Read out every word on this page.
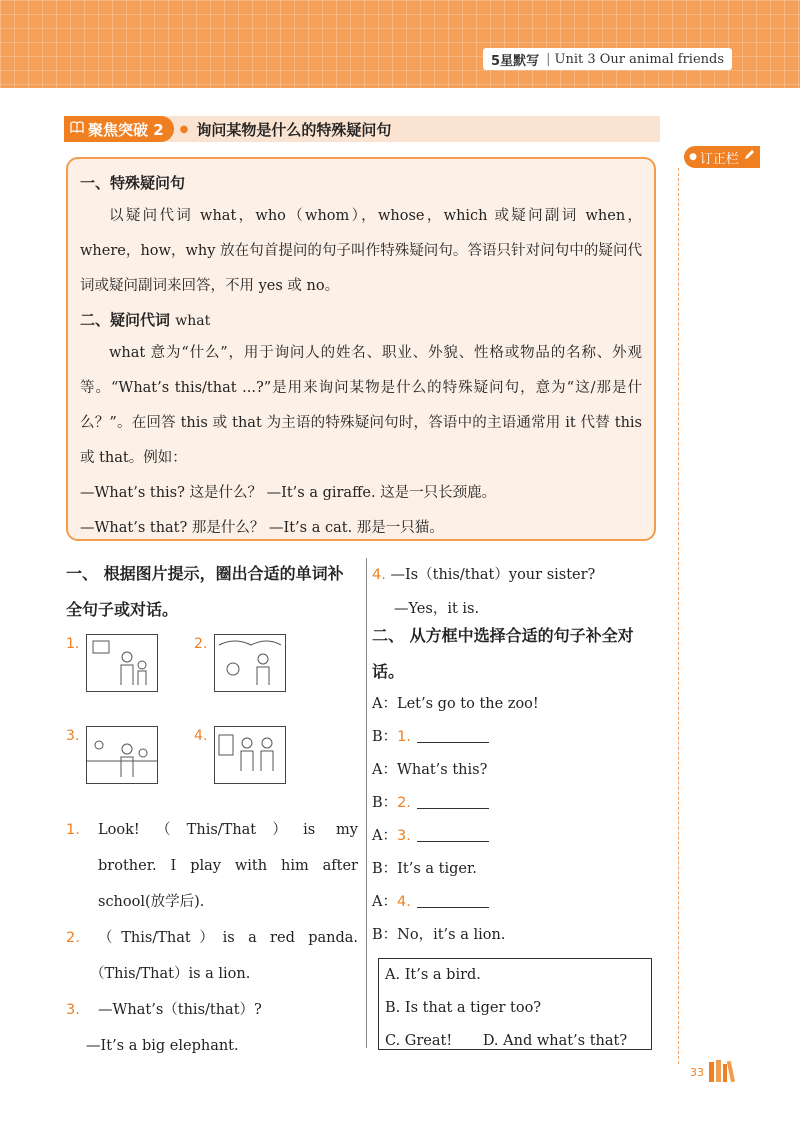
5星默写 | Unit 3 Our animal friends
聚焦突破 2 ● 询问某物是什么的特殊疑问句
● 订正栏
一、特殊疑问句

以疑问代词 what，who（whom），whose，which 或疑问副词 when，where，how，why 放在句首提问的句子叫作特殊疑问句。答语只针对问句中的疑问代词或疑问副词来回答，不用 yes 或 no。

二、疑问代词 what

what 意为“什么”，用于询问人的姓名、职业、外貌、性格或物品的名称、外观等。“What’s this/that ...?”是用来询问某物是什么的特殊疑问句，意为“这/那是什么？”。在回答 this 或 that 为主语的特殊疑问句时，答语中的主语通常用 it 代替 this 或 that。例如：

—What’s this? 这是什么？ —It’s a giraffe. 这是一只长颈鹿。
—What’s that? 那是什么？ —It’s a cat. 那是一只猫。
一、 根据图片提示，圈出合适的单词补全句子或对话。
1.	2.
3.	4.
1.	Look!（This/That）is my
brother. I play with him after
school(放学后).
2.	（This/That）is a red panda.
（This/That）is a lion.
3.	—What’s（this/that）?
—It’s a big elephant.
4. —Is（this/that）your sister?
—Yes，it is.
二、 从方框中选择合适的句子补全对话。
A：Let’s go to the zoo!
B：1.
A：What’s this?
B：2.
A：3.
B：It’s a tiger.
A：4.
B：No，it’s a lion.
A. It’s a bird.
B. Is that a tiger too?
C. Great! D. And what’s that?
33
